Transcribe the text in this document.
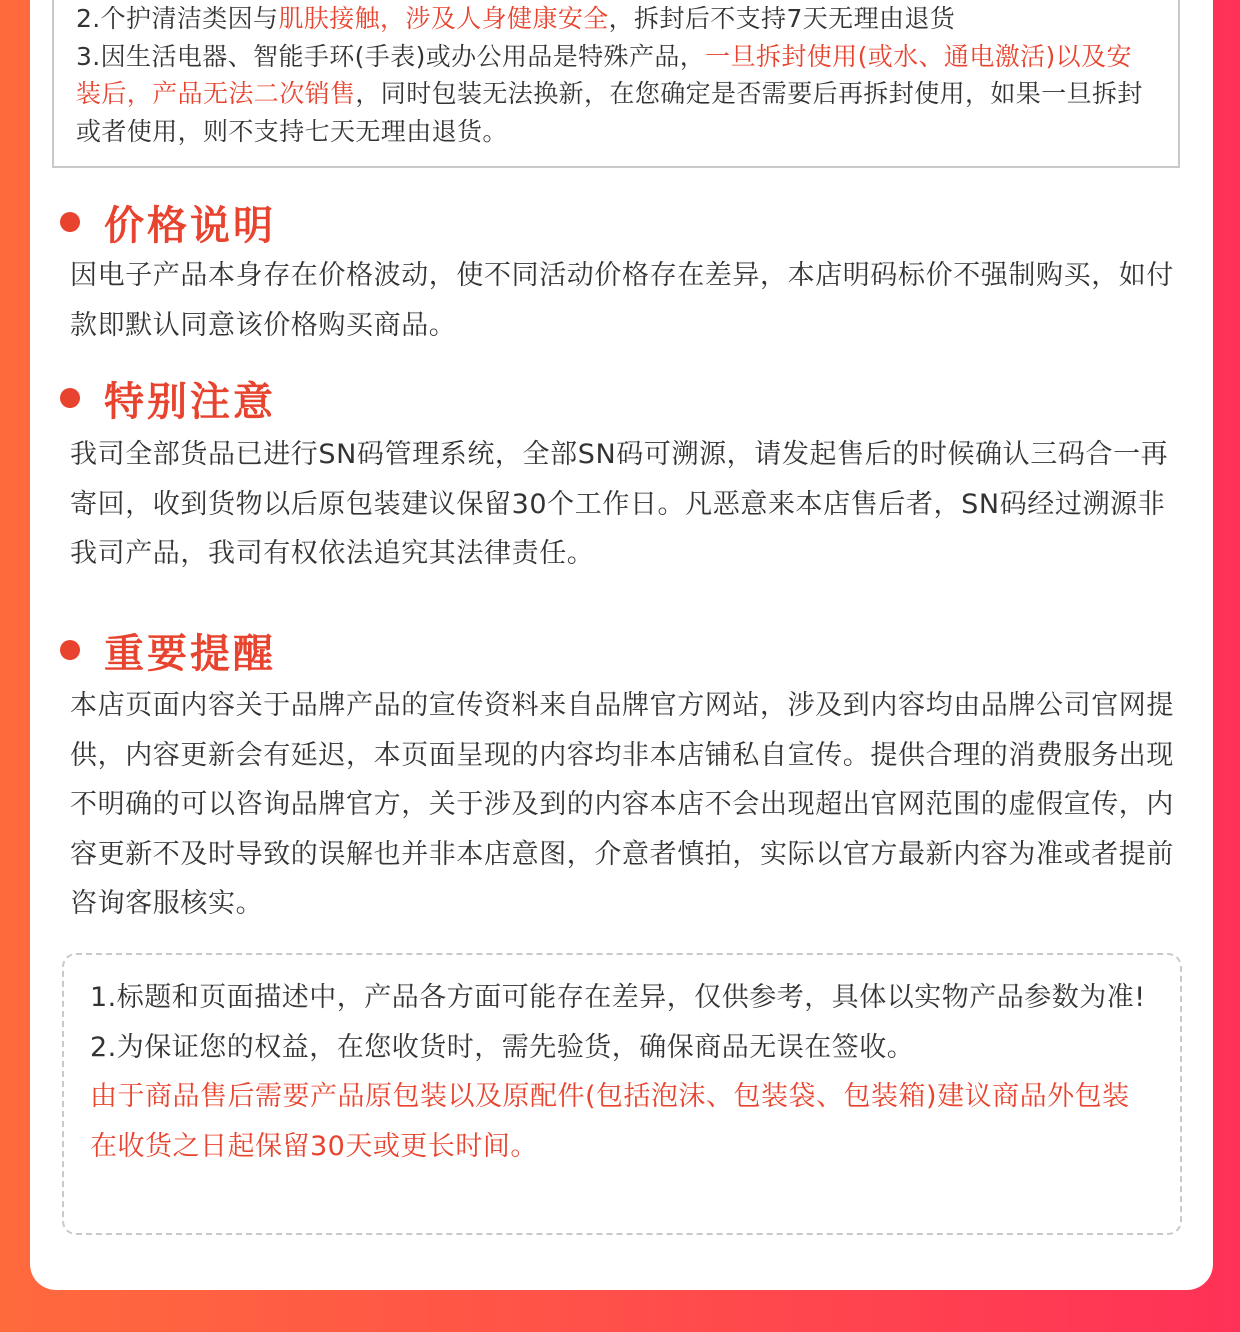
2.个护清洁类因与肌肤接触，涉及人身健康安全，拆封后不支持7天无理由退货

3.因生活电器、智能手环(手表)或办公用品是特殊产品，一旦拆封使用(或水、通电激活)以及安装后，产品无法二次销售，同时包装无法换新，在您确定是否需要后再拆封使用，如果一旦拆封或者使用，则不支持七天无理由退货。

价格说明

因电子产品本身存在价格波动，使不同活动价格存在差异，本店明码标价不强制购买，如付款即默认同意该价格购买商品。

特别注意

我司全部货品已进行SN码管理系统，全部SN码可溯源，请发起售后的时候确认三码合一再寄回，收到货物以后原包装建议保留30个工作日。凡恶意来本店售后者，SN码经过溯源非我司产品，我司有权依法追究其法律责任。

重要提醒

本店页面内容关于品牌产品的宣传资料来自品牌官方网站，涉及到内容均由品牌公司官网提供，内容更新会有延迟，本页面呈现的内容均非本店铺私自宣传。提供合理的消费服务出现不明确的可以咨询品牌官方，关于涉及到的内容本店不会出现超出官网范围的虚假宣传，内容更新不及时导致的误解也并非本店意图，介意者慎拍，实际以官方最新内容为准或者提前咨询客服核实。

1.标题和页面描述中，产品各方面可能存在差异，仅供参考，具体以实物产品参数为准!

2.为保证您的权益，在您收货时，需先验货，确保商品无误在签收。

由于商品售后需要产品原包装以及原配件(包括泡沫、包装袋、包装箱)建议商品外包装在收货之日起保留30天或更长时间。
